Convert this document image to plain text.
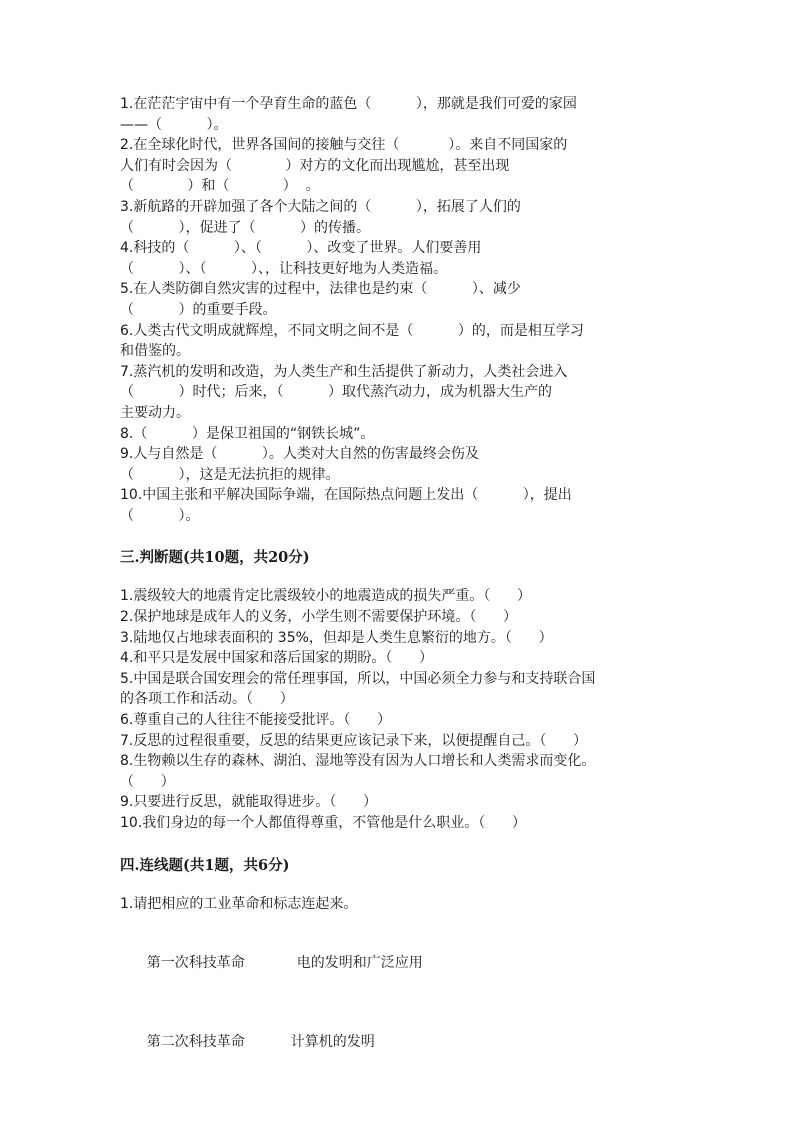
1.在茫茫宇宙中有一个孕育生命的蓝色（          ），那就是我们可爱的家园
——（          ）。
2.在全球化时代，世界各国间的接触与交往（           ）。来自不同国家的
人们有时会因为（            ）对方的文化而出现尴尬，甚至出现
（            ）和（            ）  。
3.新航路的开辟加强了各个大陆之间的（          ），拓展了人们的
（          ），促进了（          ）的传播。
4.科技的（          ）、（          ）、改变了世界。人们要善用
（          ）、（          ）、，让科技更好地为人类造福。
5.在人类防御自然灾害的过程中，法律也是约束（          ）、减少
（          ）的重要手段。
6.人类古代文明成就辉煌，不同文明之间不是（          ）的，而是相互学习
和借鉴的。
7.蒸汽机的发明和改造，为人类生产和生活提供了新动力，人类社会进入
（          ）时代；后来，（          ）取代蒸汽动力，成为机器大生产的
主要动力。
8.（          ）是保卫祖国的“钢铁长城”。
9.人与自然是（          ）。人类对大自然的伤害最终会伤及
（          ），这是无法抗拒的规律。
10.中国主张和平解决国际争端，在国际热点问题上发出（          ），提出
（          ）。
三.判断题(共10题，共20分)
1.震级较大的地震肯定比震级较小的地震造成的损失严重。（      ）
2.保护地球是成年人的义务，小学生则不需要保护环境。（      ）
3.陆地仅占地球表面积的 35%，但却是人类生息繁衍的地方。（      ）
4.和平只是发展中国家和落后国家的期盼。（      ）
5.中国是联合国安理会的常任理事国，所以，中国必须全力参与和支持联合国
的各项工作和活动。（      ）
6.尊重自己的人往往不能接受批评。（      ）
7.反思的过程很重要，反思的结果更应该记录下来，以便提醒自己。（      ）
8.生物赖以生存的森林、湖泊、湿地等没有因为人口增长和人类需求而变化。
（      ）
9.只要进行反思，就能取得进步。（      ）
10.我们身边的每一个人都值得尊重，不管他是什么职业。（      ）
四.连线题(共1题，共6分)
1.请把相应的工业革命和标志连起来。

第一次科技革命	电的发明和广泛应用

第二次科技革命	计算机的发明
